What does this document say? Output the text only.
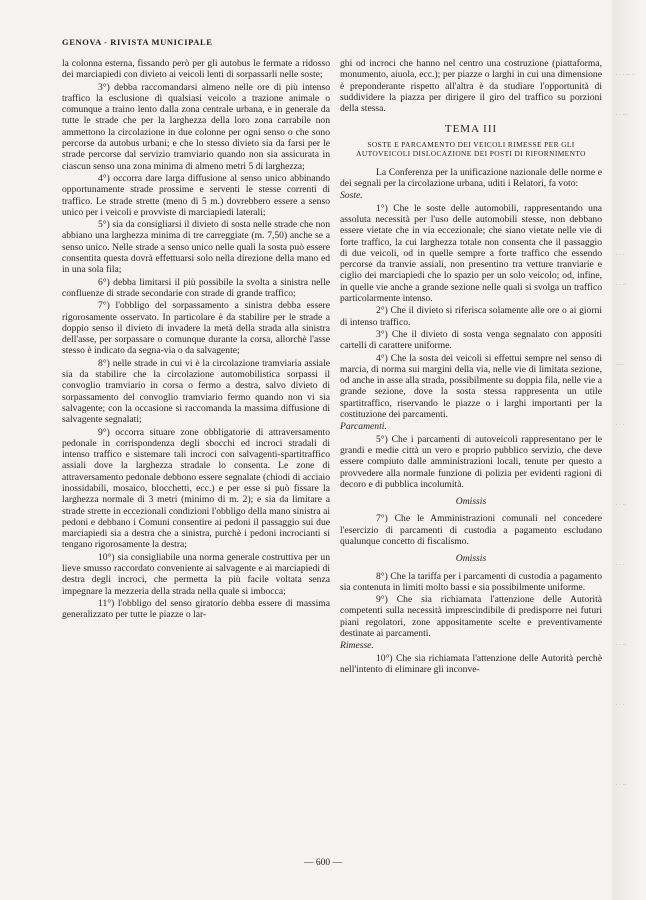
GENOVA - RIVISTA MUNICIPALE

la colonna esterna, fissando però per gli autobus le fermate a ridosso dei marciapiedi con divieto ai veicoli lenti di sorpassarli nelle soste;

3°) debba raccomandarsi almeno nelle ore di più intenso traffico la esclusione di qualsiasi veicolo a trazione animale o comunque a traino lento dalla zona centrale urbana, e in generale da tutte le strade che per la larghezza della loro zona carrabile non ammettono la circolazione in due colonne per ogni senso o che sono percorse da autobus urbani; e che lo stesso divieto sia da farsi per le strade percorse dal servizio tramviario quando non sia assicurata in ciascun senso una zona minima di almeno metri 5 di larghezza;

4°) occorra dare larga diffusione al senso unico abbinando opportunamente strade prossime e serventi le stesse correnti di traffico. Le strade strette (meno di 5 m.) dovrebbero essere a senso unico per i veicoli e provviste di marciapiedi laterali;

5°) sia da consigliarsi il divieto di sosta nelle strade che non abbiano una larghezza minima di tre carreggiate (m. 7,50) anche se a senso unico. Nelle strade a senso unico nelle quali la sosta può essere consentita questa dovrà effettuarsi solo nella direzione della mano ed in una sola fila;

6°) debba limitarsi il più possibile la svolta a sinistra nelle confluenze di strade secondarie con strade di grande traffico;

7°) l'obbligo del sorpassamento a sinistra debba essere rigorosamente osservato. In particolare è da stabilire per le strade a doppio senso il divieto di invadere la metà della strada alla sinistra dell'asse, per sorpassare o comunque durante la corsa, allorchè l'asse stesso è indicato da segna-via o da salvagente;

8°) nelle strade in cui vi è la circolazione tramviaria assiale sia da stabilire che la circolazione automobilistica sorpassi il convoglio tramviario in corsa o fermo a destra, salvo divieto di sorpassamento del convoglio tramviario fermo quando non vi sia salvagente; con la occasione si raccomanda la massima diffusione di salvagente segnalati;

9°) occorra situare zone obbligatorie di attraversamento pedonale in corrispondenza degli sbocchi ed incroci stradali di intenso traffico e sistemare tali incroci con salvagenti-spartitraffico assiali dove la larghezza stradale lo consenta. Le zone di attraversamento pedonale debbono essere segnalate (chiodi di acciaio inossidabili, mosaico, blocchetti, ecc.) e per esse si può fissare la larghezza normale di 3 metri (minimo di m. 2); e sia da limitare a strade strette in eccezionali condizioni l'obbligo della mano sinistra ai pedoni e debbano i Comuni consentire ai pedoni il passaggio sui due marciapiedi sia a destra che a sinistra, purchè i pedoni incrocianti si tengano rigorosamente la destra;

10°) sia consigliabile una norma generale costruttiva per un lieve smusso raccordato conveniente ai salvagente e ai marciapiedi di destra degli incroci, che permetta la più facile voltata senza impegnare la mezzeria della strada nella quale si imbocca;

11°) l'obbligo del senso giratorio debba essere di massima generalizzato per tutte le piazze o lar-

ghi od incroci che hanno nel centro una costruzione (piattaforma, monumento, aiuola, ecc.); per piazze o larghi in cui una dimensione è preponderante rispetto all'altra è da studiare l'opportunità di suddividere la piazza per dirigere il giro del traffico su porzioni della stessa.

TEMA III

SOSTE E PARCAMENTO DEI VEICOLI RIMESSE PER GLI AUTOVEICOLI DISLOCAZIONE DEI POSTI DI RIFORNIMENTO

La Conferenza per la unificazione nazionale delle norme e dei segnali per la circolazione urbana, uditi i Relatori, fa voto:

Soste.

1°) Che le soste delle automobili, rappresentando una assoluta necessità per l'uso delle automobili stesse, non debbano essere vietate che in via eccezionale; che siano vietate nelle vie di forte traffico, la cui larghezza totale non consenta che il passaggio di due veicoli, od in quelle sempre a forte traffico che essendo percorse da tranvie assiali, non presentino tra vetture tranviarie e ciglio dei marciapiedi che lo spazio per un solo veicolo; od, infine, in quelle vie anche a grande sezione nelle quali si svolga un traffico particolarmente intenso.

2°) Che il divieto si riferisca solamente alle ore o ai giorni di intenso traffico.

3°) Che il divieto di sosta venga segnalato con appositi cartelli di carattere uniforme.

4°) Che la sosta dei veicoli si effettui sempre nel senso di marcia, di norma sui margini della via, nelle vie di limitata sezione, od anche in asse alla strada, possibilmente su doppia fila, nelle vie a grande sezione, dove la sosta stessa rappresenta un utile spartitraffico, riservando le piazze o i larghi importanti per la costituzione dei parcamenti.

Parcamenti.

5°) Che i parcamenti di autoveicoli rappresentano per le grandi e medie città un vero e proprio pubblico servizio, che deve essere compiuto dalle amministrazioni locali, tenute per questo a provvedere alla normale funzione di polizia per evidenti ragioni di decoro e di pubblica incolumità.

Omissis

7°) Che le Amministrazioni comunali nel concedere l'esercizio di parcamenti di custodia a pagamento escludano qualunque concetto di fiscalismo.

Omissis

8°) Che la tariffa per i parcamenti di custodia a pagamento sia contenuta in limiti molto bassi e sia possibilmente uniforme.

9°) Che sia richiamata l'attenzione delle Autorità competenti sulla necessità imprescindibile di predisporre nei futuri piani regolatori, zone appositamente scelte e preventivamente destinate ai parcamenti.

Rimesse.

10°) Che sia richiamata l'attenzione delle Autorità perchè nell'intento di eliminare gli inconve-

— 600 —
. . . ... .
. . ...
. . .
. . ..
.....
. . .
. . ..
. . .
. . ..
. . .
. . ..
